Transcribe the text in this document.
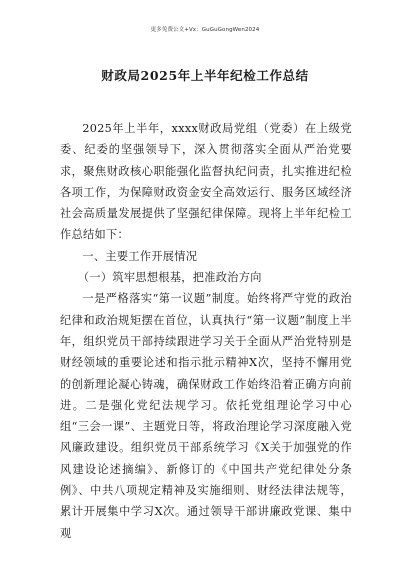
更多免费公文+Vx：GuGuGongWen2024
财政局2025年上半年纪检工作总结

2025年上半年，xxxx财政局党组（党委）在上级党委、纪委的坚强领导下，深入贯彻落实全面从严治党要求，聚焦财政核心职能强化监督执纪问责，扎实推进纪检各项工作，为保障财政资金安全高效运行、服务区域经济社会高质量发展提供了坚强纪律保障。现将上半年纪检工作总结如下：

一、主要工作开展情况

（一）筑牢思想根基，把准政治方向

一是严格落实“第一议题”制度。始终将严守党的政治纪律和政治规矩摆在首位，认真执行“第一议题”制度上半年，组织党员干部持续跟进学习关于全面从严治党特别是财经领域的重要论述和指示批示精神X次，坚持不懈用党的创新理论凝心铸魂，确保财政工作始终沿着正确方向前进。二是强化党纪法规学习。依托党组理论学习中心组“三会一课”、主题党日等，将政治理论学习深度融入党风廉政建设。组织党员干部系统学习《X关于加强党的作风建设论述摘编》、新修订的《中国共产党纪律处分条例》、中共八项规定精神及实施细则、财经法律法规等，累计开展集中学习X次。通过领导干部讲廉政党课、集中观
